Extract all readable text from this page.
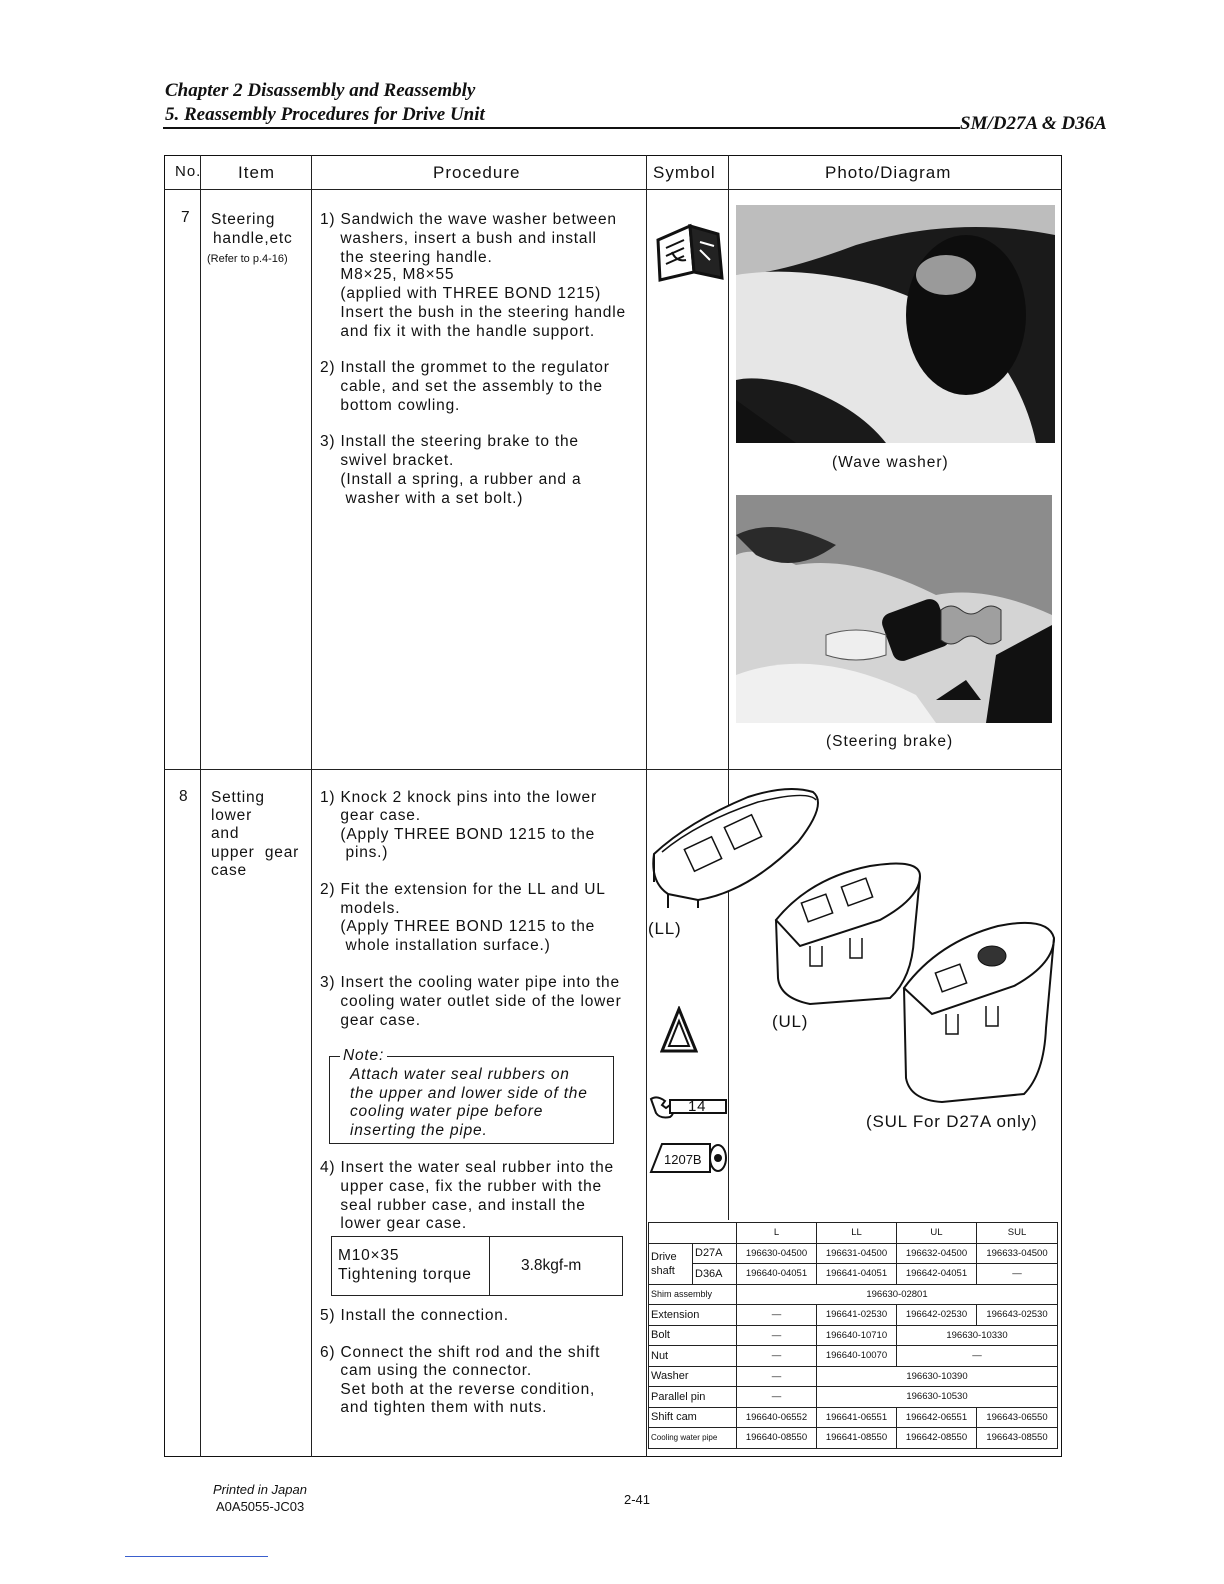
Chapter 2 Disassembly and Reassembly
5. Reassembly Procedures for Drive Unit	SM/D27A & D36A
No. Item	Procedure	Symbol	Photo/Diagram
7 Steering
handle,etc
(Refer to p.4-16)
1) Sandwich the wave washer between
washers, insert a bush and install
the steering handle.
M8×25, M8×55
(applied with THREE BOND 1215)
Insert the bush in the steering handle
and fix it with the handle support.
2) Install the grommet to the regulator
cable, and set the assembly to the
bottom cowling.
3) Install the steering brake to the
swivel bracket.
(Install a spring, a rubber and a
washer with a set bolt.)
(Wave washer)
(Steering brake)
8 Setting
lower
and
upper  gear
case
1) Knock 2 knock pins into the lower
gear case.
(Apply THREE BOND 1215 to the
pins.)
2) Fit the extension for the LL and UL
models.
(Apply THREE BOND 1215 to the
whole installation surface.)
3) Insert the cooling water pipe into the
cooling water outlet side of the lower
gear case.
Note:
Attach water seal rubbers on
the upper and lower side of the
cooling water pipe before
inserting the pipe.
4) Insert the water seal rubber into the
upper case, fix the rubber with the
seal rubber case, and install the
lower gear case.
M10×35
Tightening torque
3.8kgf-m
5) Install the connection.
6) Connect the shift rod and the shift
cam using the connector.
Set both at the reverse condition,
and tighten them with nuts.
(LL)
14
1207B
(UL)
(SUL For D27A only)
		L	LL	UL	SUL
Drive
shaft	D27A	196630-04500	196631-04500	196632-04500	196633-04500
	D36A	196640-04051	196641-04051	196642-04051	—
Shim assembly		196630-02801			
Extension		—	196641-02530	196642-02530	196643-02530
Bolt		—	196640-10710	196630-10330	
Nut		—	196640-10070	—	
Washer		—	196630-10390		
Parallel pin		—	196630-10530		
Shift cam		196640-06552	196641-06551	196642-06551	196643-06550
Cooling water pipe		196640-08550	196641-08550	196642-08550	196643-08550
Printed in Japan
A0A5055-JC03	2-41
